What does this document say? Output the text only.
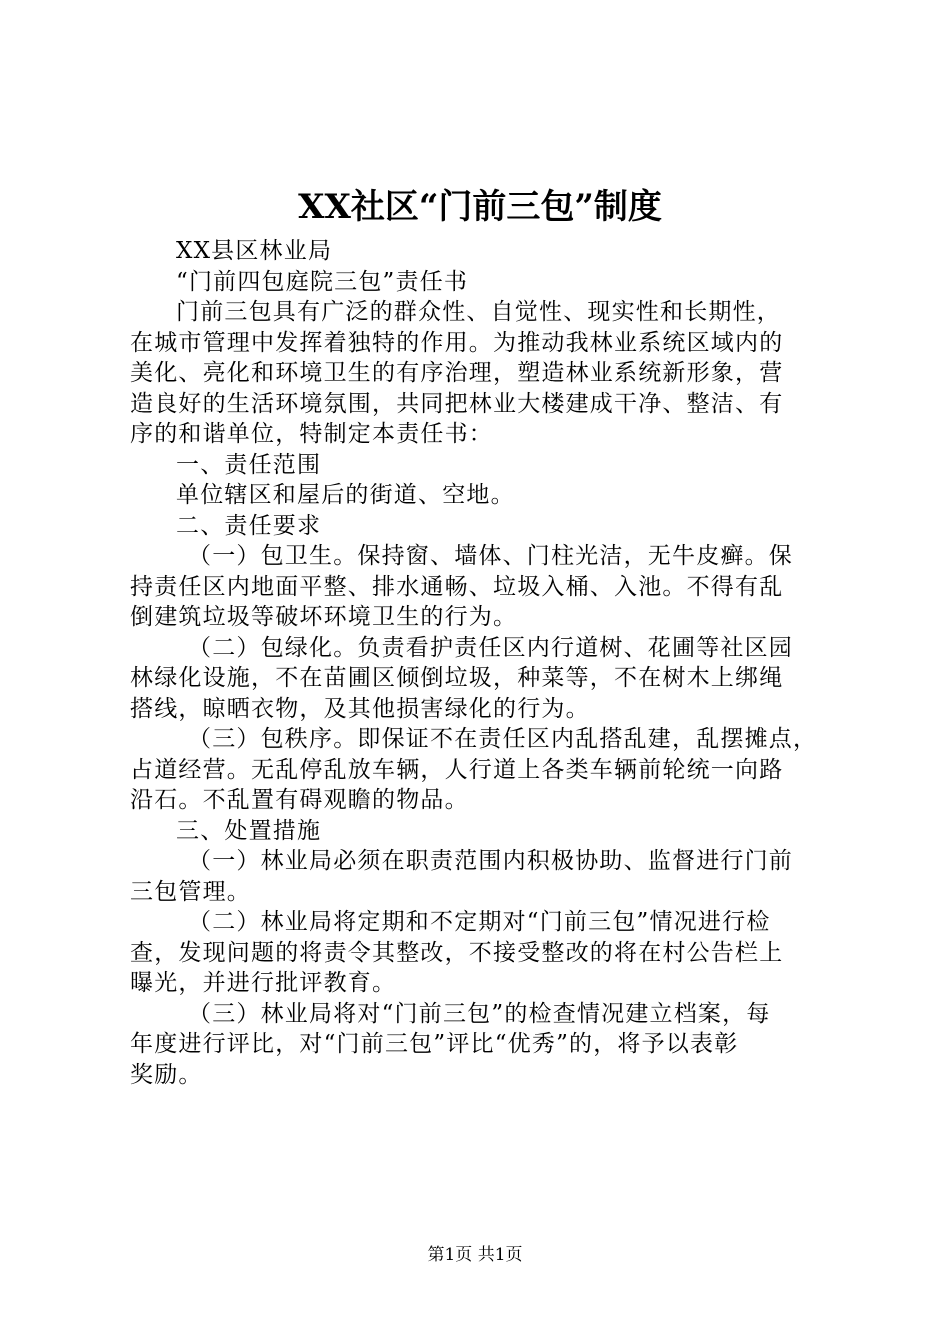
XX社区“门前三包”制度

XX县区林业局

“门前四包庭院三包”责任书

门前三包具有广泛的群众性、自觉性、现实性和长期性，

在城市管理中发挥着独特的作用。为推动我林业系统区域内的

美化、亮化和环境卫生的有序治理，塑造林业系统新形象，营

造良好的生活环境氛围，共同把林业大楼建成干净、整洁、有

序的和谐单位，特制定本责任书：

一、责任范围

单位辖区和屋后的街道、空地。

二、责任要求

（一）包卫生。保持窗、墙体、门柱光洁，无牛皮癣。保

持责任区内地面平整、排水通畅、垃圾入桶、入池。不得有乱

倒建筑垃圾等破坏环境卫生的行为。

（二）包绿化。负责看护责任区内行道树、花圃等社区园

林绿化设施，不在苗圃区倾倒垃圾，种菜等，不在树木上绑绳

搭线，晾晒衣物，及其他损害绿化的行为。

（三）包秩序。即保证不在责任区内乱搭乱建，乱摆摊点，

占道经营。无乱停乱放车辆，人行道上各类车辆前轮统一向路

沿石。不乱置有碍观瞻的物品。

三、处置措施

（一）林业局必须在职责范围内积极协助、监督进行门前

三包管理。

（二）林业局将定期和不定期对“门前三包”情况进行检

查，发现问题的将责令其整改，不接受整改的将在村公告栏上

曝光，并进行批评教育。

（三）林业局将对“门前三包”的检查情况建立档案，每

年度进行评比，对“门前三包”评比“优秀”的，将予以表彰

奖励。

第1页 共1页
